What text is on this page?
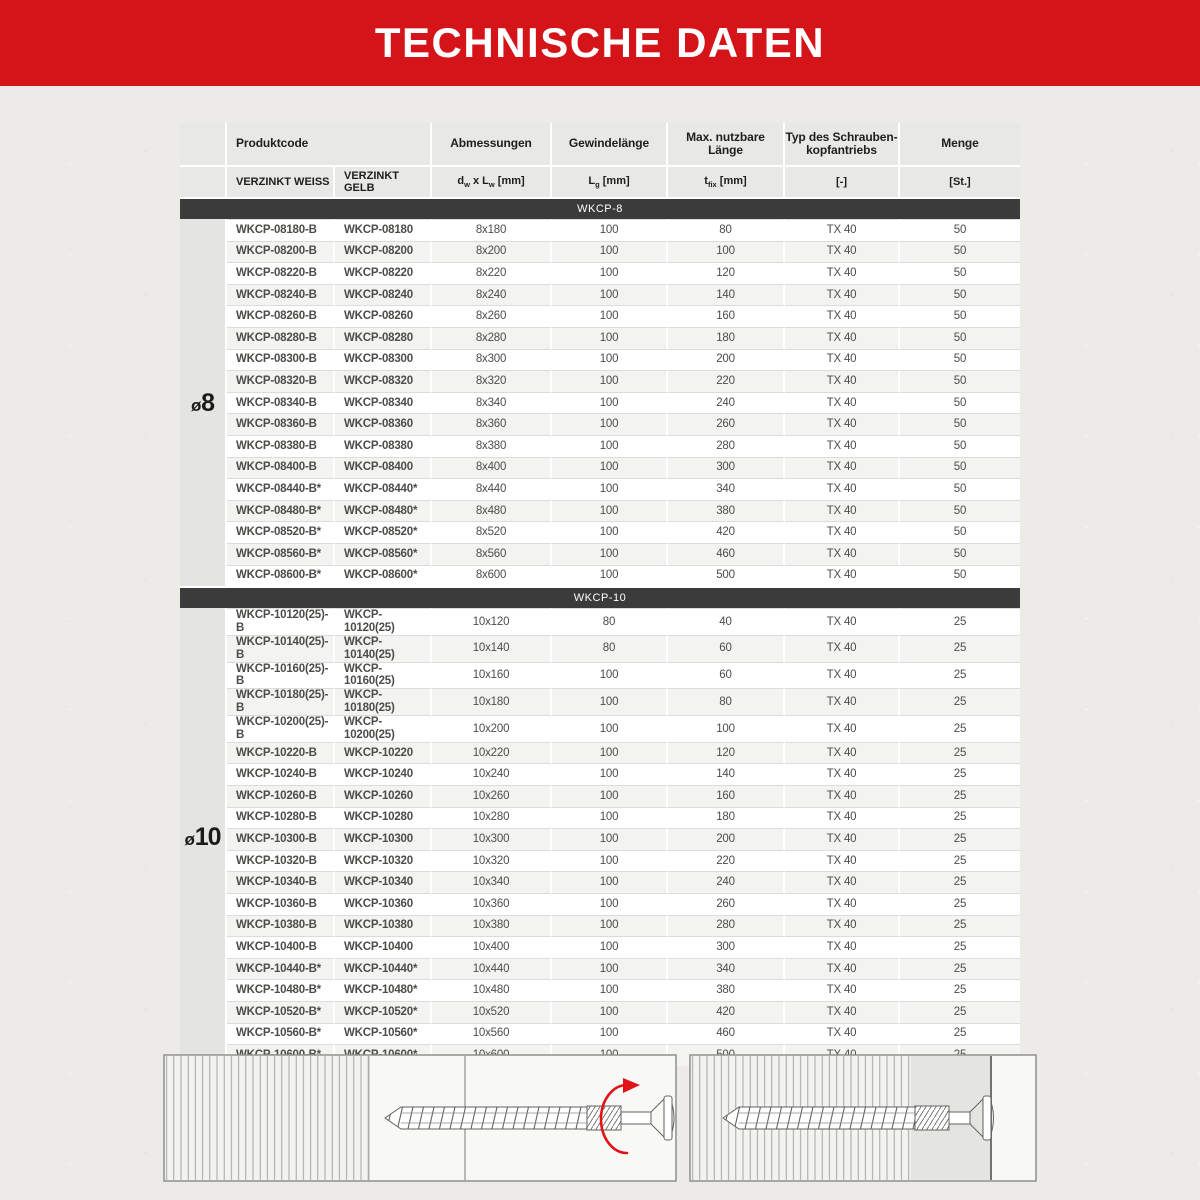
TECHNISCHE DATEN
	Produktcode		Abmessungen	Gewindelänge	Max. nutzbare Länge	Typ des Schrauben-
kopfantriebs	Menge
	VERZINKT WEISS	VERZINKT GELB	$d_w$ x $L_w$ [mm]	$L_g$ [mm]	$t_{fix}$ [mm]	[-]	[St.]
WKCP-8							
ø8	WKCP-08180-B	WKCP-08180	8x180	100	80	TX 40	50
	WKCP-08200-B	WKCP-08200	8x200	100	100	TX 40	50
	WKCP-08220-B	WKCP-08220	8x220	100	120	TX 40	50
	WKCP-08240-B	WKCP-08240	8x240	100	140	TX 40	50
	WKCP-08260-B	WKCP-08260	8x260	100	160	TX 40	50
	WKCP-08280-B	WKCP-08280	8x280	100	180	TX 40	50
	WKCP-08300-B	WKCP-08300	8x300	100	200	TX 40	50
	WKCP-08320-B	WKCP-08320	8x320	100	220	TX 40	50
	WKCP-08340-B	WKCP-08340	8x340	100	240	TX 40	50
	WKCP-08360-B	WKCP-08360	8x360	100	260	TX 40	50
	WKCP-08380-B	WKCP-08380	8x380	100	280	TX 40	50
	WKCP-08400-B	WKCP-08400	8x400	100	300	TX 40	50
	WKCP-08440-B*	WKCP-08440*	8x440	100	340	TX 40	50
	WKCP-08480-B*	WKCP-08480*	8x480	100	380	TX 40	50
	WKCP-08520-B*	WKCP-08520*	8x520	100	420	TX 40	50
	WKCP-08560-B*	WKCP-08560*	8x560	100	460	TX 40	50
	WKCP-08600-B*	WKCP-08600*	8x600	100	500	TX 40	50
WKCP-10							
ø10	WKCP-10120(25)-B	WKCP-10120(25)	10x120	80	40	TX 40	25
	WKCP-10140(25)-B	WKCP-10140(25)	10x140	80	60	TX 40	25
	WKCP-10160(25)-B	WKCP-10160(25)	10x160	100	60	TX 40	25
	WKCP-10180(25)-B	WKCP-10180(25)	10x180	100	80	TX 40	25
	WKCP-10200(25)-B	WKCP-10200(25)	10x200	100	100	TX 40	25
	WKCP-10220-B	WKCP-10220	10x220	100	120	TX 40	25
	WKCP-10240-B	WKCP-10240	10x240	100	140	TX 40	25
	WKCP-10260-B	WKCP-10260	10x260	100	160	TX 40	25
	WKCP-10280-B	WKCP-10280	10x280	100	180	TX 40	25
	WKCP-10300-B	WKCP-10300	10x300	100	200	TX 40	25
	WKCP-10320-B	WKCP-10320	10x320	100	220	TX 40	25
	WKCP-10340-B	WKCP-10340	10x340	100	240	TX 40	25
	WKCP-10360-B	WKCP-10360	10x360	100	260	TX 40	25
	WKCP-10380-B	WKCP-10380	10x380	100	280	TX 40	25
	WKCP-10400-B	WKCP-10400	10x400	100	300	TX 40	25
	WKCP-10440-B*	WKCP-10440*	10x440	100	340	TX 40	25
	WKCP-10480-B*	WKCP-10480*	10x480	100	380	TX 40	25
	WKCP-10520-B*	WKCP-10520*	10x520	100	420	TX 40	25
	WKCP-10560-B*	WKCP-10560*	10x560	100	460	TX 40	25
